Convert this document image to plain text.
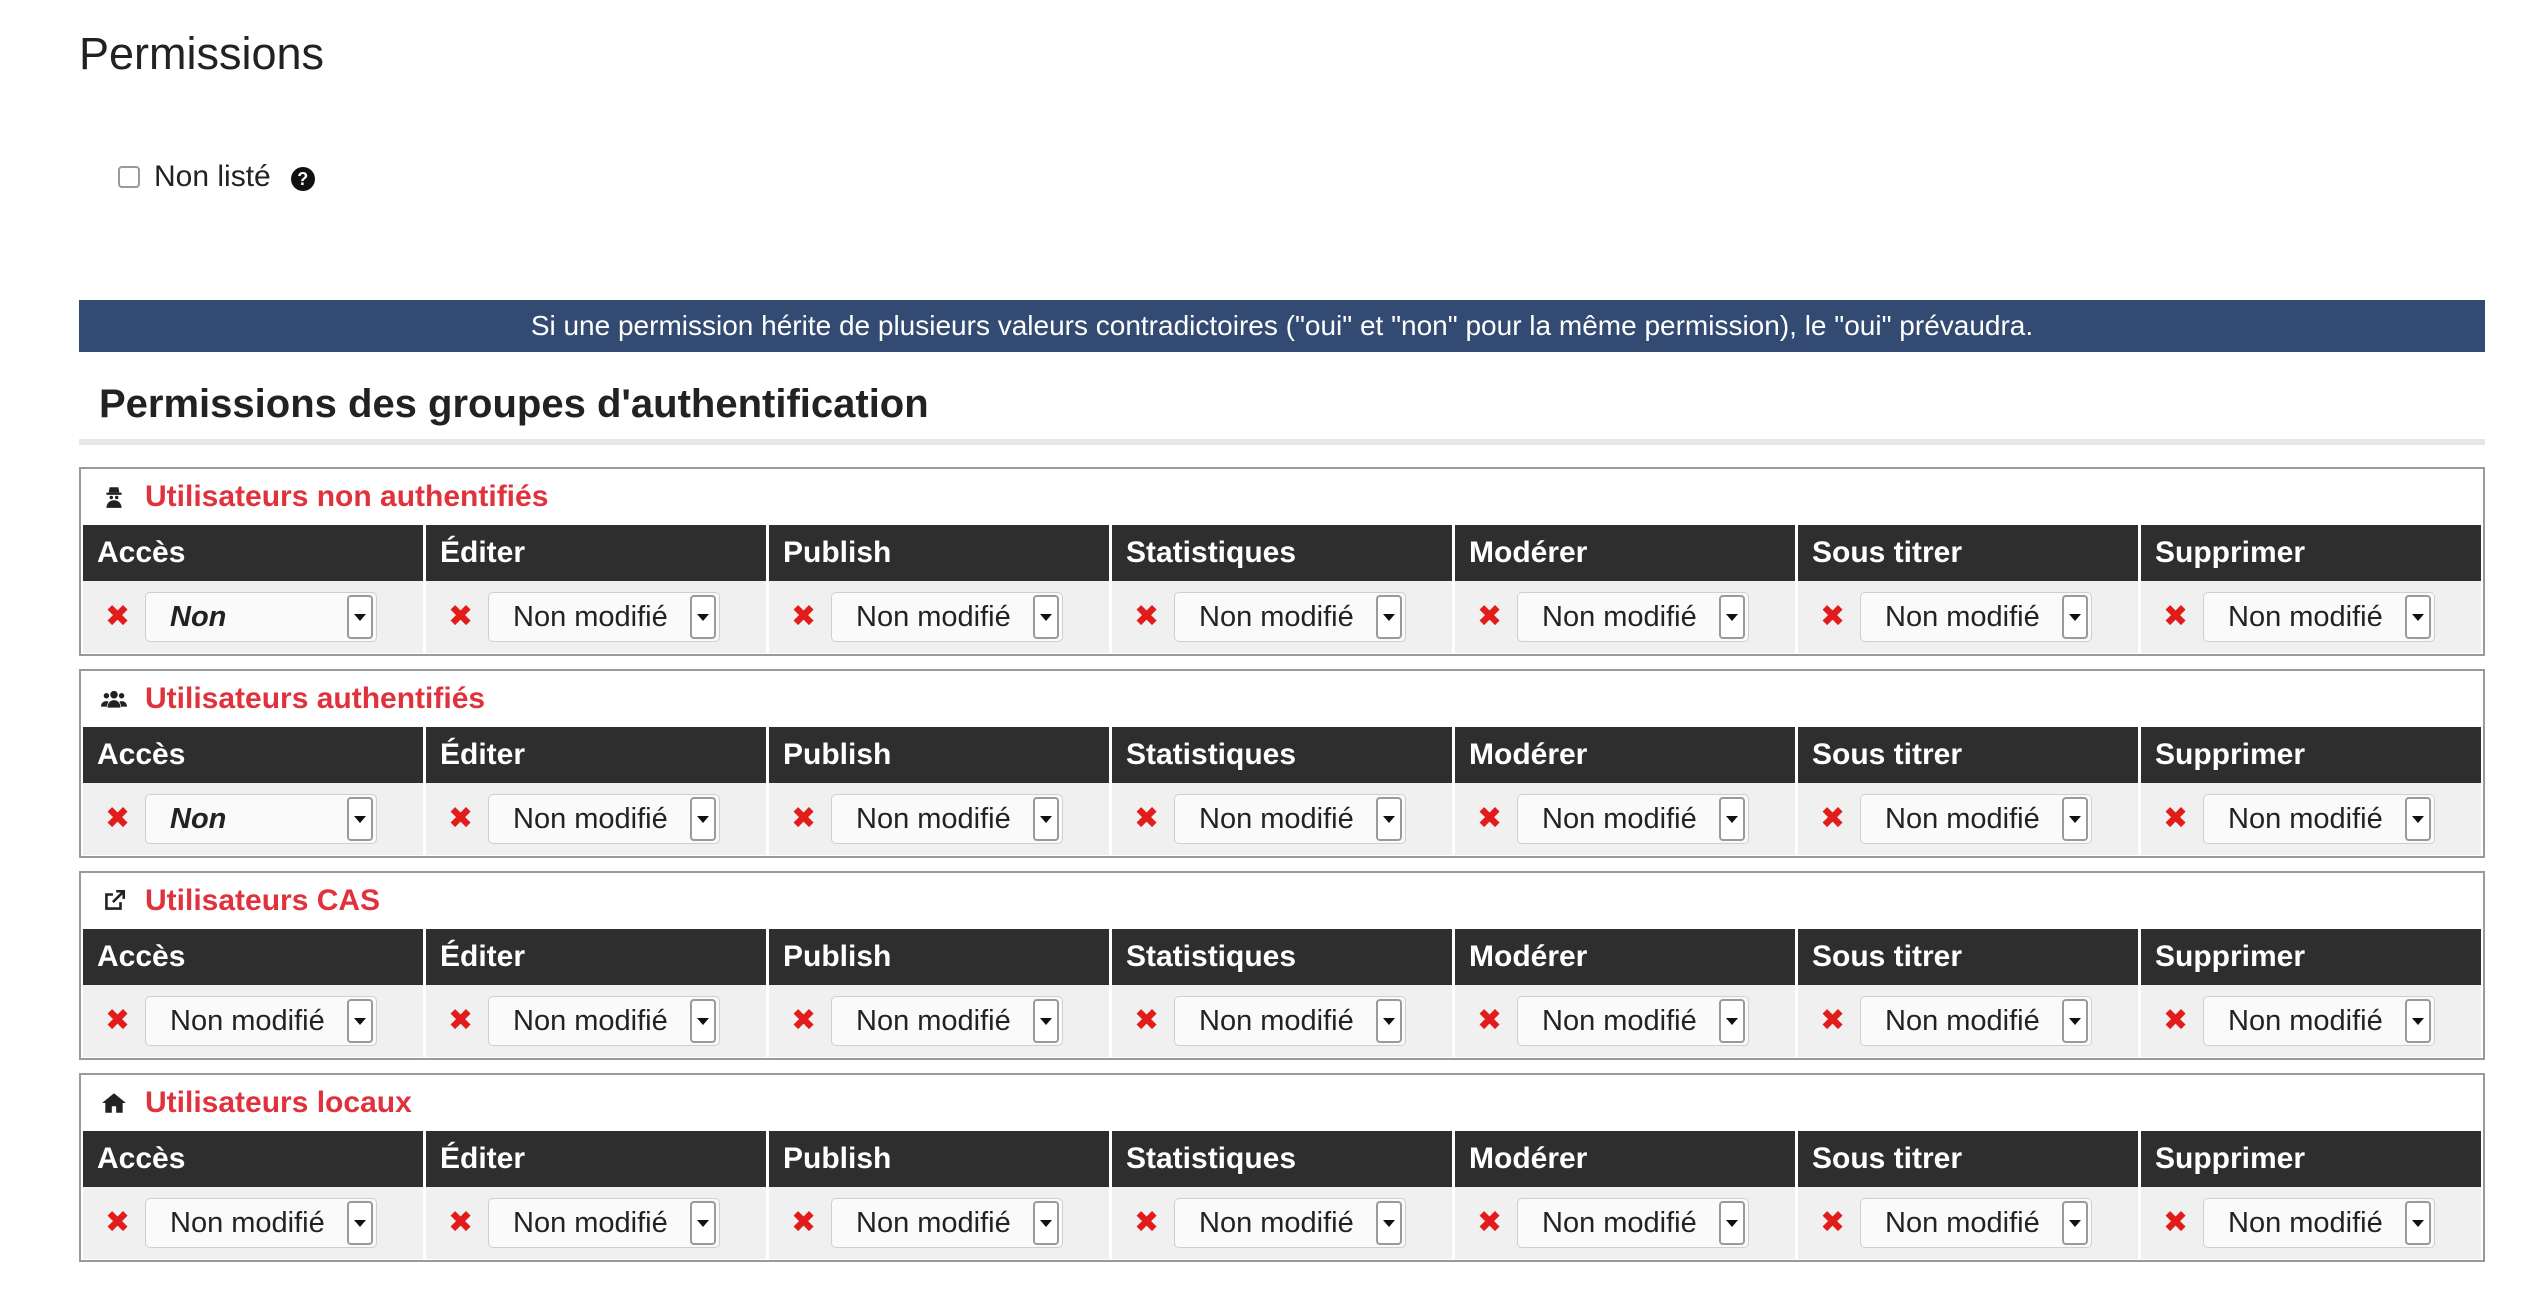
Permissions
Non listé	?
Si une permission hérite de plusieurs valeurs contradictoires ("oui" et "non" pour la même permission), le "oui" prévaudra.
Permissions des groupes d'authentification
Utilisateurs non authentifiés
Accès	Éditer	Publish	Statistiques	Modérer	Sous titrer	Supprimer
✖	Non	✖	Non modifié	✖	Non modifié	✖	Non modifié	✖	Non modifié	✖	Non modifié	✖	Non modifié
Utilisateurs authentifiés
Accès	Éditer	Publish	Statistiques	Modérer	Sous titrer	Supprimer
✖	Non	✖	Non modifié	✖	Non modifié	✖	Non modifié	✖	Non modifié	✖	Non modifié	✖	Non modifié
Utilisateurs CAS
Accès	Éditer	Publish	Statistiques	Modérer	Sous titrer	Supprimer
✖	Non modifié	✖	Non modifié	✖	Non modifié	✖	Non modifié	✖	Non modifié	✖	Non modifié	✖	Non modifié
Utilisateurs locaux
Accès	Éditer	Publish	Statistiques	Modérer	Sous titrer	Supprimer
✖	Non modifié	✖	Non modifié	✖	Non modifié	✖	Non modifié	✖	Non modifié	✖	Non modifié	✖	Non modifié
